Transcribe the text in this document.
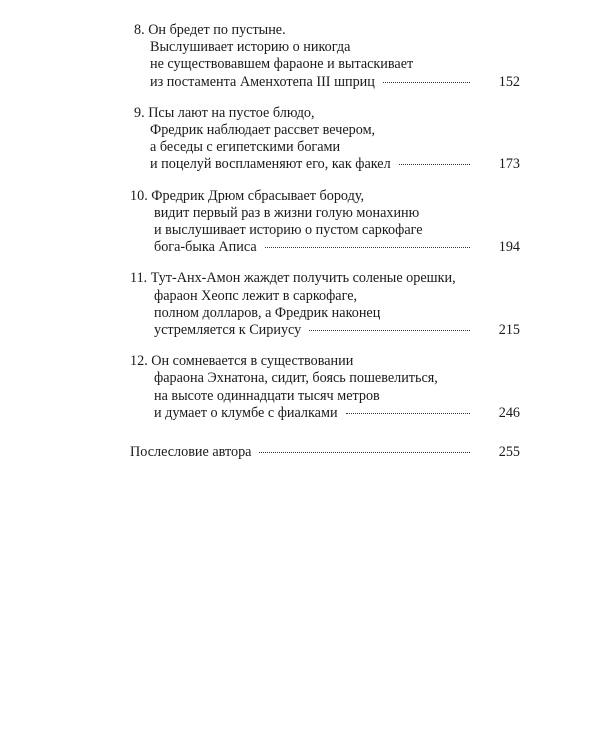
8. Он бредет по пустыне.
Выслушивает историю о никогда
не существовавшем фараоне и вытаскивает
из постамента Аменхотепа III шприц	152
9. Псы лают на пустое блюдо,
Фредрик наблюдает рассвет вечером,
а беседы с египетскими богами
и поцелуй воспламеняют его, как факел	173
10. Фредрик Дрюм сбрасывает бороду,
видит первый раз в жизни голую монахиню
и выслушивает историю о пустом саркофаге
бога-быка Аписа	194
11. Тут-Анх-Амон жаждет получить соленые орешки,
фараон Хеопс лежит в саркофаге,
полном долларов, а Фредрик наконец
устремляется к Сириусу	215
12. Он сомневается в существовании
фараона Эхнатона, сидит, боясь пошевелиться,
на высоте одиннадцати тысяч метров
и думает о клумбе с фиалками	246
Послесловие автора	255
